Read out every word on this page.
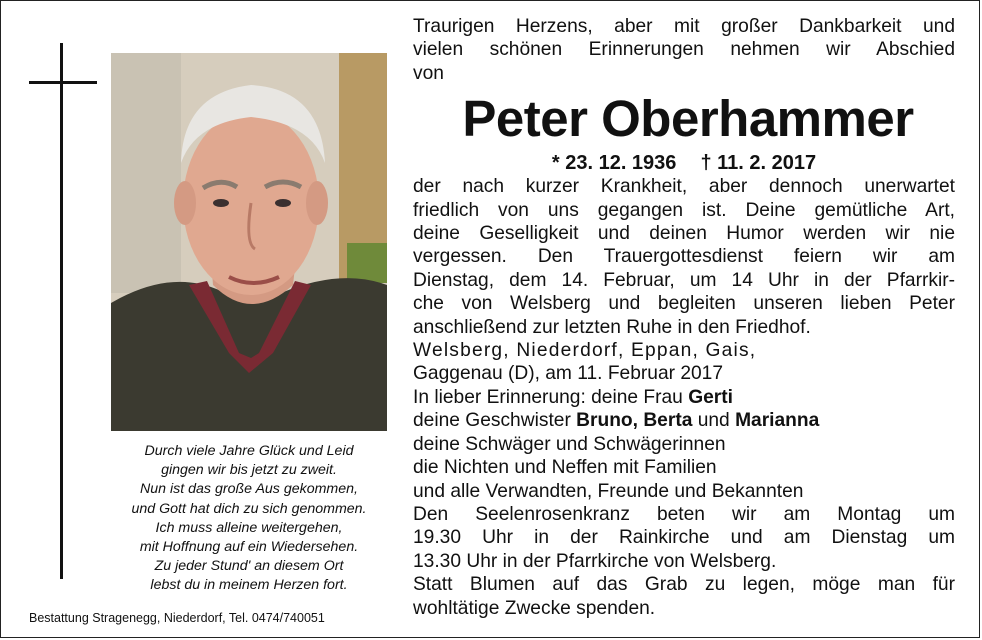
Durch viele Jahre Glück und Leid
gingen wir bis jetzt zu zweit.
Nun ist das große Aus gekommen,
und Gott hat dich zu sich genommen.
Ich muss alleine weitergehen,
mit Hoffnung auf ein Wiedersehen.
Zu jeder Stund' an diesem Ort
lebst du in meinem Herzen fort.
Bestattung Stragenegg, Niederdorf, Tel. 0474/740051
Traurigen Herzens, aber mit großer Dankbarkeit und
vielen schönen Erinnerungen nehmen wir Abschied
von
Peter Oberhammer
* 23. 12. 1936 † 11. 2. 2017
der nach kurzer Krankheit, aber dennoch unerwartet
friedlich von uns gegangen ist. Deine gemütliche Art,
deine Geselligkeit und deinen Humor werden wir nie
vergessen. Den Trauergottesdienst feiern wir am
Dienstag, dem 14. Februar, um 14 Uhr in der Pfarrkir-
che von Welsberg und begleiten unseren lieben Peter
anschließend zur letzten Ruhe in den Friedhof.
Welsberg, Niederdorf, Eppan, Gais,
Gaggenau (D), am 11. Februar 2017
In lieber Erinnerung: deine Frau Gerti
deine Geschwister Bruno, Berta und Marianna
deine Schwäger und Schwägerinnen
die Nichten und Neffen mit Familien
und alle Verwandten, Freunde und Bekannten
Den Seelenrosenkranz beten wir am Montag um
19.30 Uhr in der Rainkirche und am Dienstag um
13.30 Uhr in der Pfarrkirche von Welsberg.
Statt Blumen auf das Grab zu legen, möge man für
wohltätige Zwecke spenden.
